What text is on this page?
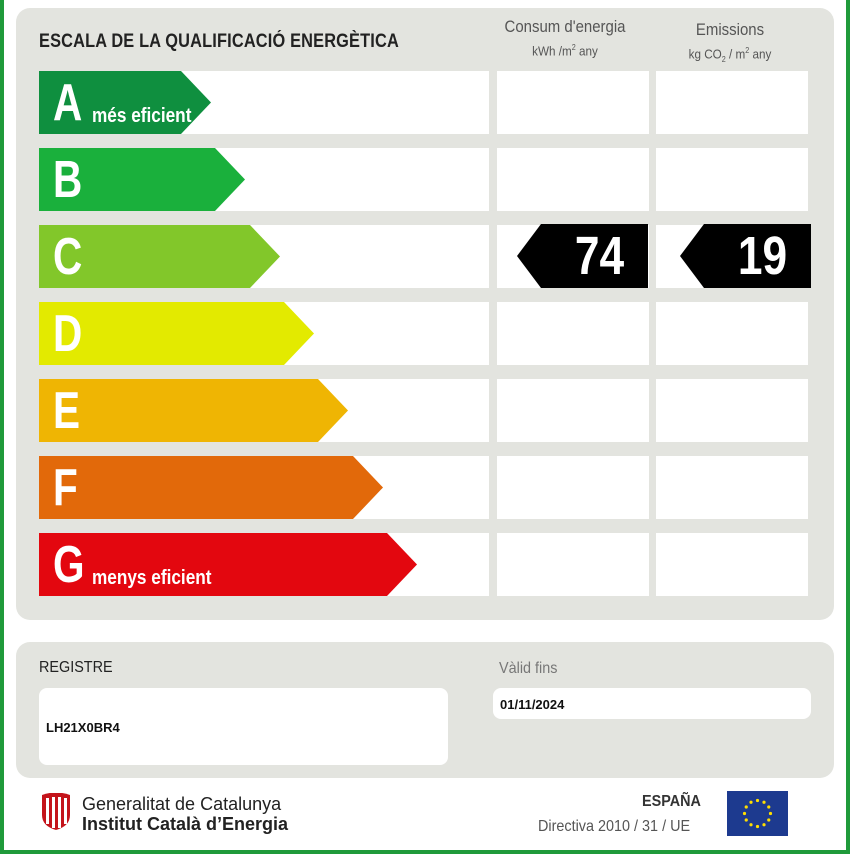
ESCALA DE LA QUALIFICACIÓ ENERGÈTICA
Consum d'energia
kWh $/m^2$ any
Emissions
kg $CO_2 / m^2$ any
A més eficient
B
C
D
E
F
G menys eficient
74 19
REGISTRE
LH21X0BR4
Vàlid fins
01/11/2024
Generalitat de Catalunya
Institut Català d’Energia
ESPAÑA
Directiva 2010 / 31 / UE
